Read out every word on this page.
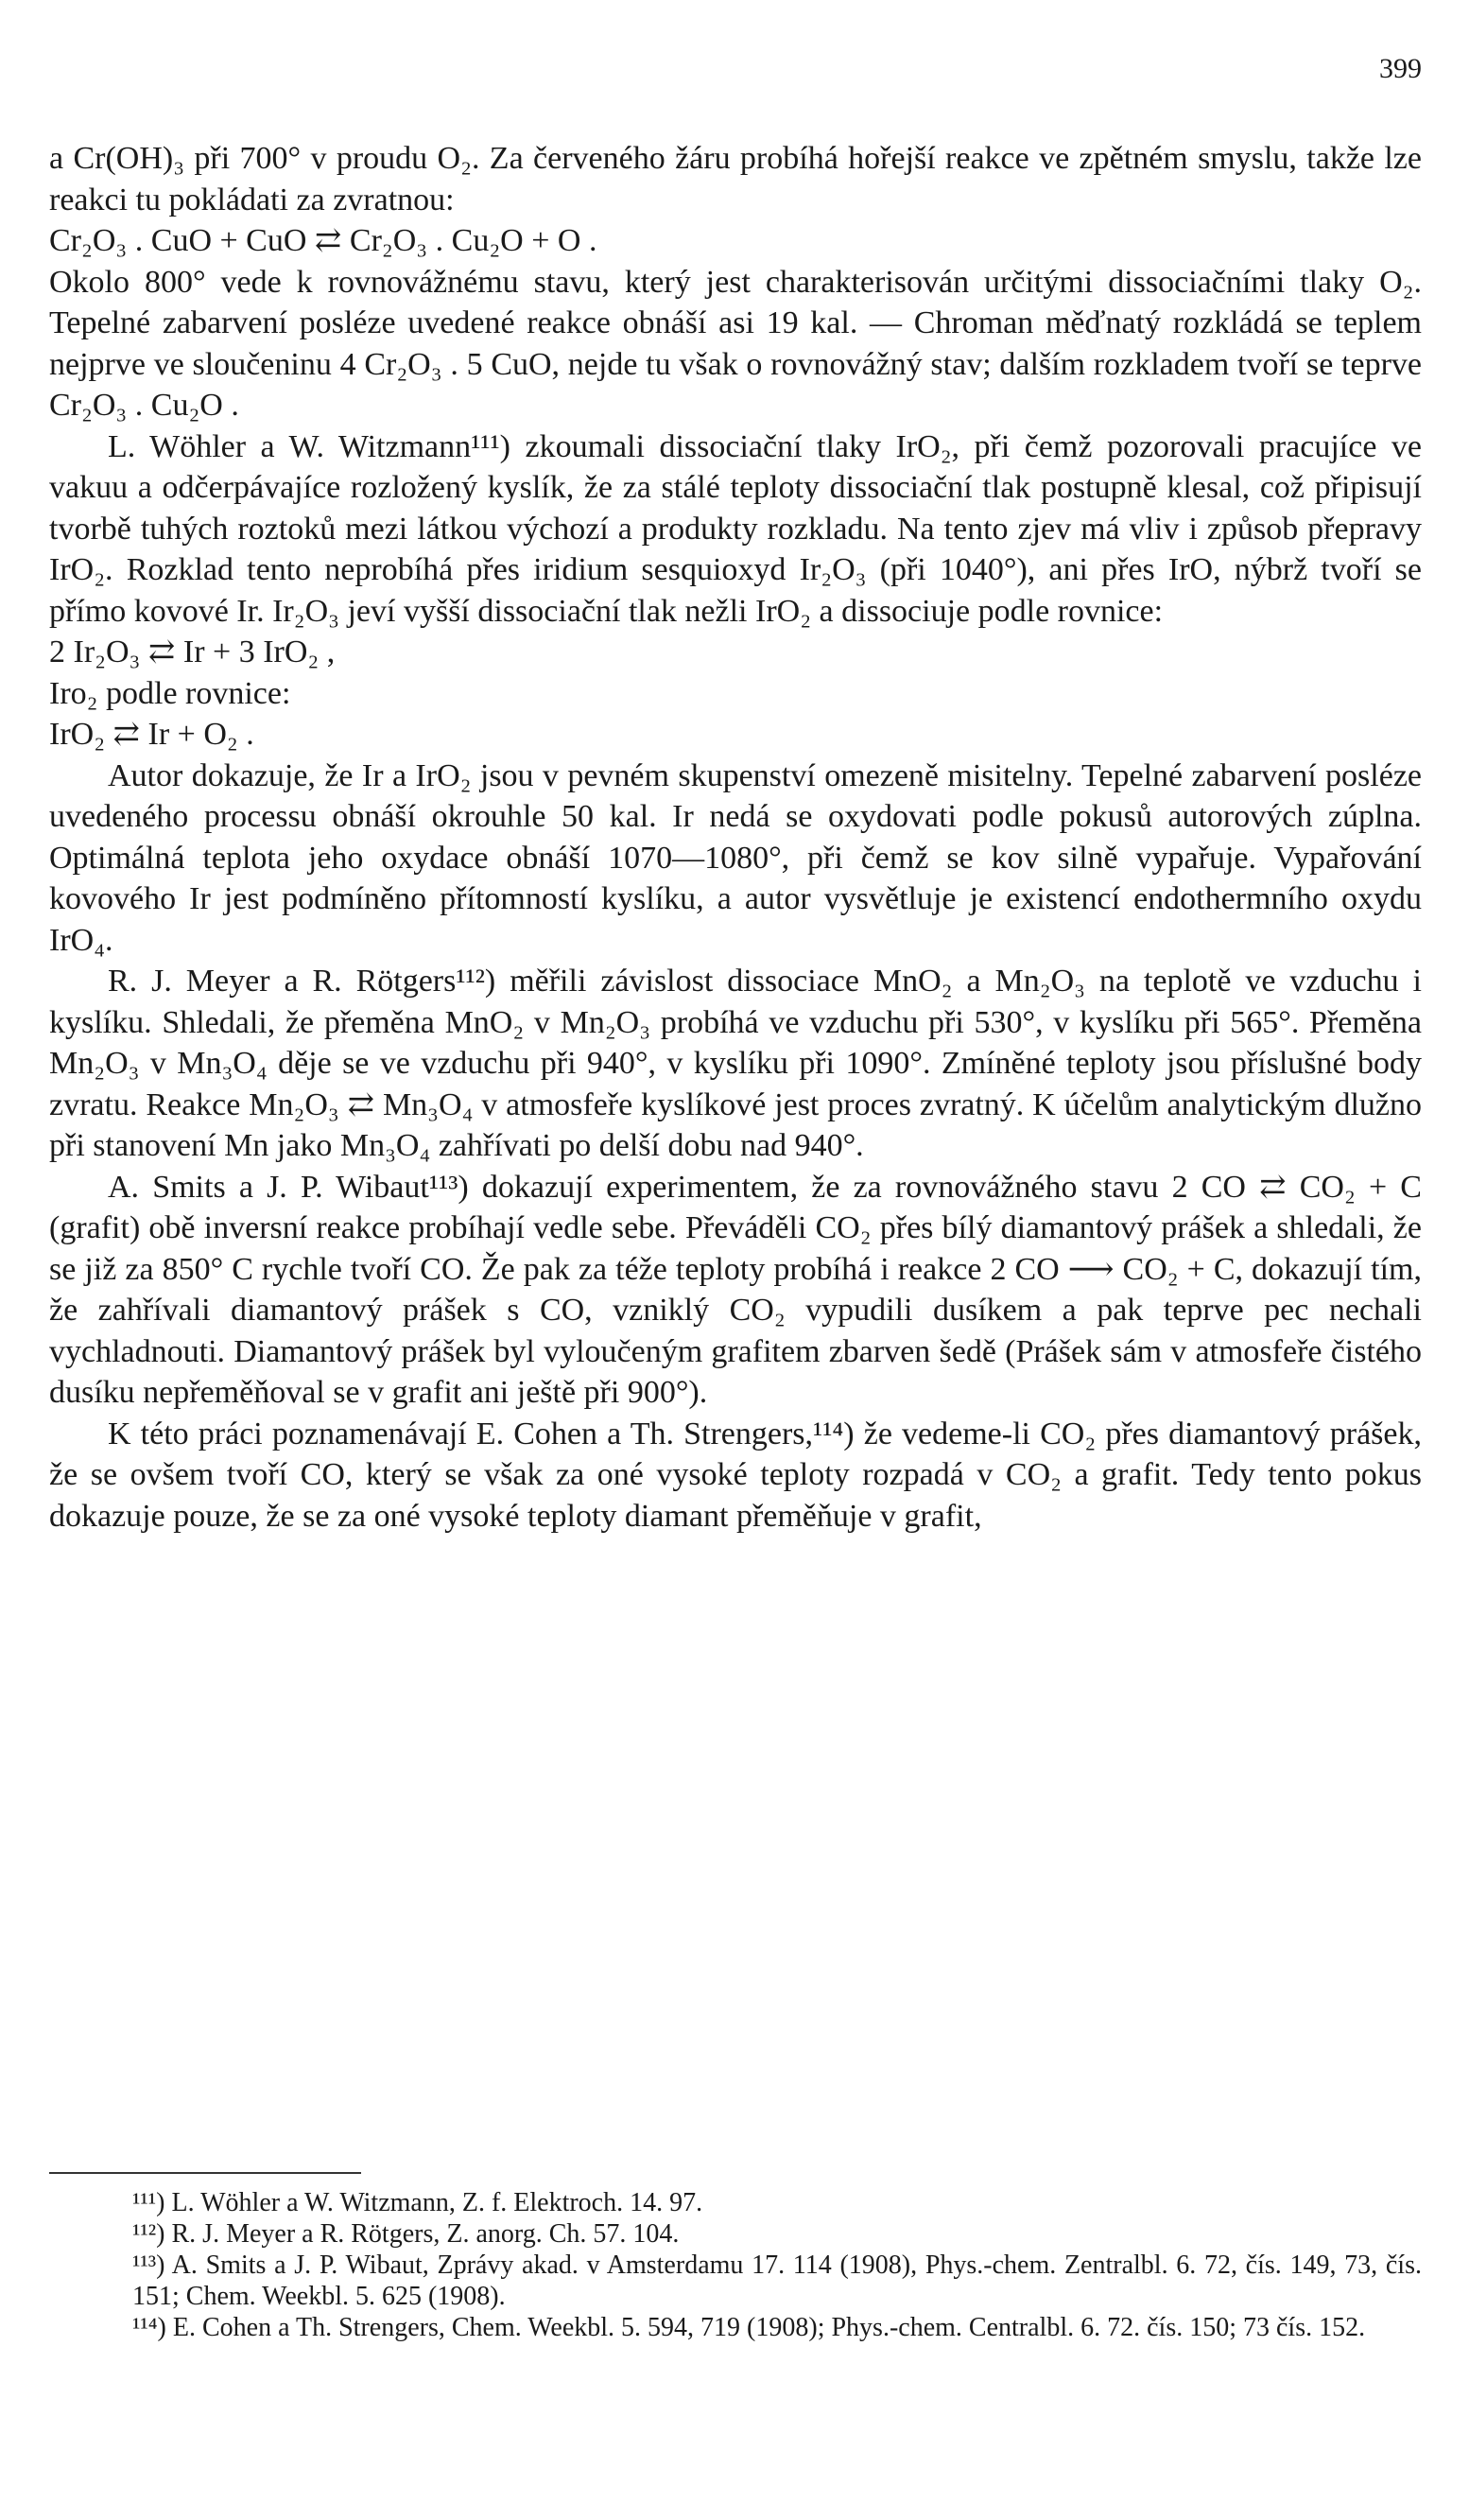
399

a Cr(OH)₃ při 700° v proudu O₂. Za červeného žáru probíhá hořejší reakce ve zpětném smyslu, takže lze reakci tu pokládati za zvratnou:

Cr₂O₃ . CuO + CuO ⇄ Cr₂O₃ . Cu₂O + O .

Okolo 800° vede k rovnovážnému stavu, který jest charakterisován určitými dissociačními tlaky O₂. Tepelné zabarvení posléze uvedené reakce obnáší asi 19 kal. — Chroman měďnatý rozkládá se teplem nejprve ve sloučeninu 4 Cr₂O₃ . 5 CuO, nejde tu však o rovnovážný stav; dalším rozkladem tvoří se teprve Cr₂O₃ . Cu₂O .

L. Wöhler a W. Witzmann¹¹¹) zkoumali dissociační tlaky IrO₂, při čemž pozorovali pracujíce ve vakuu a odčerpávajíce rozložený kyslík, že za stálé teploty dissociační tlak postupně klesal, což připisují tvorbě tuhých roztoků mezi látkou výchozí a produkty rozkladu. Na tento zjev má vliv i způsob přepravy IrO₂. Rozklad tento neprobíhá přes iridium sesquioxyd Ir₂O₃ (při 1040°), ani přes IrO, nýbrž tvoří se přímo kovové Ir. Ir₂O₃ jeví vyšší dissociační tlak nežli IrO₂ a dissociuje podle rovnice:

2 Ir₂O₃ ⇄ Ir + 3 IrO₂ ,

Iro₂ podle rovnice:

IrO₂ ⇄ Ir + O₂ .

Autor dokazuje, že Ir a IrO₂ jsou v pevném skupenství omezeně misitelny. Tepelné zabarvení posléze uvedeného processu obnáší okrouhle 50 kal. Ir nedá se oxydovati podle pokusů autorových zúplna. Optimálná teplota jeho oxydace obnáší 1070—1080°, při čemž se kov silně vypařuje. Vypařování kovového Ir jest podmíněno přítomností kyslíku, a autor vysvětluje je existencí endothermního oxydu IrO₄.

R. J. Meyer a R. Rötgers¹¹²) měřili závislost dissociace MnO₂ a Mn₂O₃ na teplotě ve vzduchu i kyslíku. Shledali, že přeměna MnO₂ v Mn₂O₃ probíhá ve vzduchu při 530°, v kyslíku při 565°. Přeměna Mn₂O₃ v Mn₃O₄ děje se ve vzduchu při 940°, v kyslíku při 1090°. Zmíněné teploty jsou příslušné body zvratu. Reakce Mn₂O₃ ⇄ Mn₃O₄ v atmosfeře kyslíkové jest proces zvratný. K účelům analytickým dlužno při stanovení Mn jako Mn₃O₄ zahřívati po delší dobu nad 940°.

A. Smits a J. P. Wibaut¹¹³) dokazují experimentem, že za rovnovážného stavu 2 CO ⇄ CO₂ + C (grafit) obě inversní reakce probíhají vedle sebe. Převáděli CO₂ přes bílý diamantový prášek a shledali, že se již za 850° C rychle tvoří CO. Že pak za téže teploty probíhá i reakce 2 CO ⟶ CO₂ + C, dokazují tím, že zahřívali diamantový prášek s CO, vzniklý CO₂ vypudili dusíkem a pak teprve pec nechali vychladnouti. Diamantový prášek byl vyloučeným grafitem zbarven šedě (Prášek sám v atmosfeře čistého dusíku nepřeměňoval se v grafit ani ještě při 900°).

K této práci poznamenávají E. Cohen a Th. Strengers,¹¹⁴) že vedeme-li CO₂ přes diamantový prášek, že se ovšem tvoří CO, který se však za oné vysoké teploty rozpadá v CO₂ a grafit. Tedy tento pokus dokazuje pouze, že se za oné vysoké teploty diamant přeměňuje v grafit,

¹¹¹) L. Wöhler a W. Witzmann, Z. f. Elektroch. 14. 97.

¹¹²) R. J. Meyer a R. Rötgers, Z. anorg. Ch. 57. 104.

¹¹³) A. Smits a J. P. Wibaut, Zprávy akad. v Amsterdamu 17. 114 (1908), Phys.-chem. Zentralbl. 6. 72, čís. 149, 73, čís. 151; Chem. Weekbl. 5. 625 (1908).

¹¹⁴) E. Cohen a Th. Strengers, Chem. Weekbl. 5. 594, 719 (1908); Phys.-chem. Centralbl. 6. 72. čís. 150; 73 čís. 152.
